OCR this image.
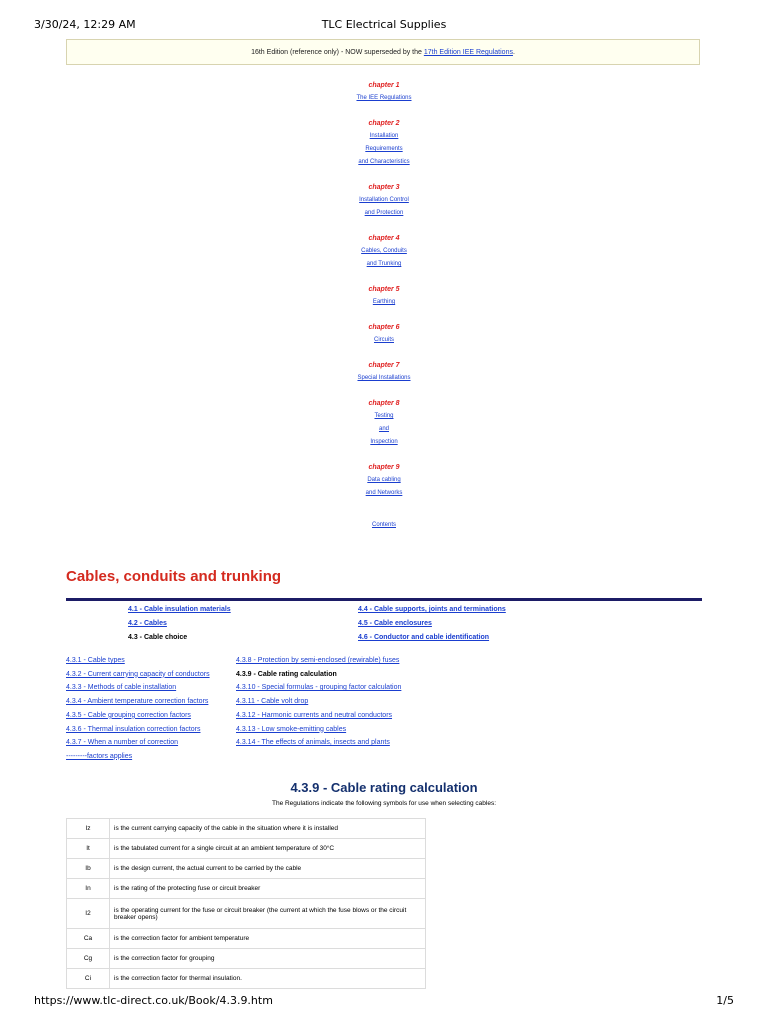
3/30/24, 12:29 AM	TLC Electrical Supplies
16th Edition (reference only) - NOW superseded by the 17th Edition IEE Regulations.
chapter 1
The IEE Regulations
chapter 2
Installation
Requirements
and Characteristics
chapter 3
Installation Control
and Protection
chapter 4
Cables, Conduits
and Trunking
chapter 5
Earthing
chapter 6
Circuits
chapter 7
Special Installations
chapter 8
Testing
and
Inspection
chapter 9
Data cabling
and Networks
Contents
Cables, conduits and trunking
4.1 - Cable insulation materials
4.2 - Cables
4.3 - Cable choice
4.4 - Cable supports, joints and terminations
4.5 - Cable enclosures
4.6 - Conductor and cable identification
4.3.1 - Cable types
4.3.2 - Current carrying capacity of conductors
4.3.3 - Methods of cable installation
4.3.4 - Ambient temperature correction factors
4.3.5 - Cable grouping correction factors
4.3.6 - Thermal insulation correction factors
4.3.7 - When a number of correction
---------factors applies
4.3.8 - Protection by semi-enclosed (rewirable) fuses
4.3.9 - Cable rating calculation
4.3.10 - Special formulas - grouping factor calculation
4.3.11 - Cable volt drop
4.3.12 - Harmonic currents and neutral conductors
4.3.13 - Low smoke-emitting cables
4.3.14 - The effects of animals, insects and plants
4.3.9 - Cable rating calculation
The Regulations indicate the following symbols for use when selecting cables:
Iz	is the current carrying capacity of the cable in the situation where it is installed
It	is the tabulated current for a single circuit at an ambient temperature of 30°C
Ib	is the design current, the actual current to be carried by the cable
In	is the rating of the protecting fuse or circuit breaker
I2	is the operating current for the fuse or circuit breaker (the current at which the fuse blows or the circuit breaker opens)
Ca	is the correction factor for ambient temperature
Cg	is the correction factor for grouping
Ci	is the correction factor for thermal insulation.
https://www.tlc-direct.co.uk/Book/4.3.9.htm	1/5
